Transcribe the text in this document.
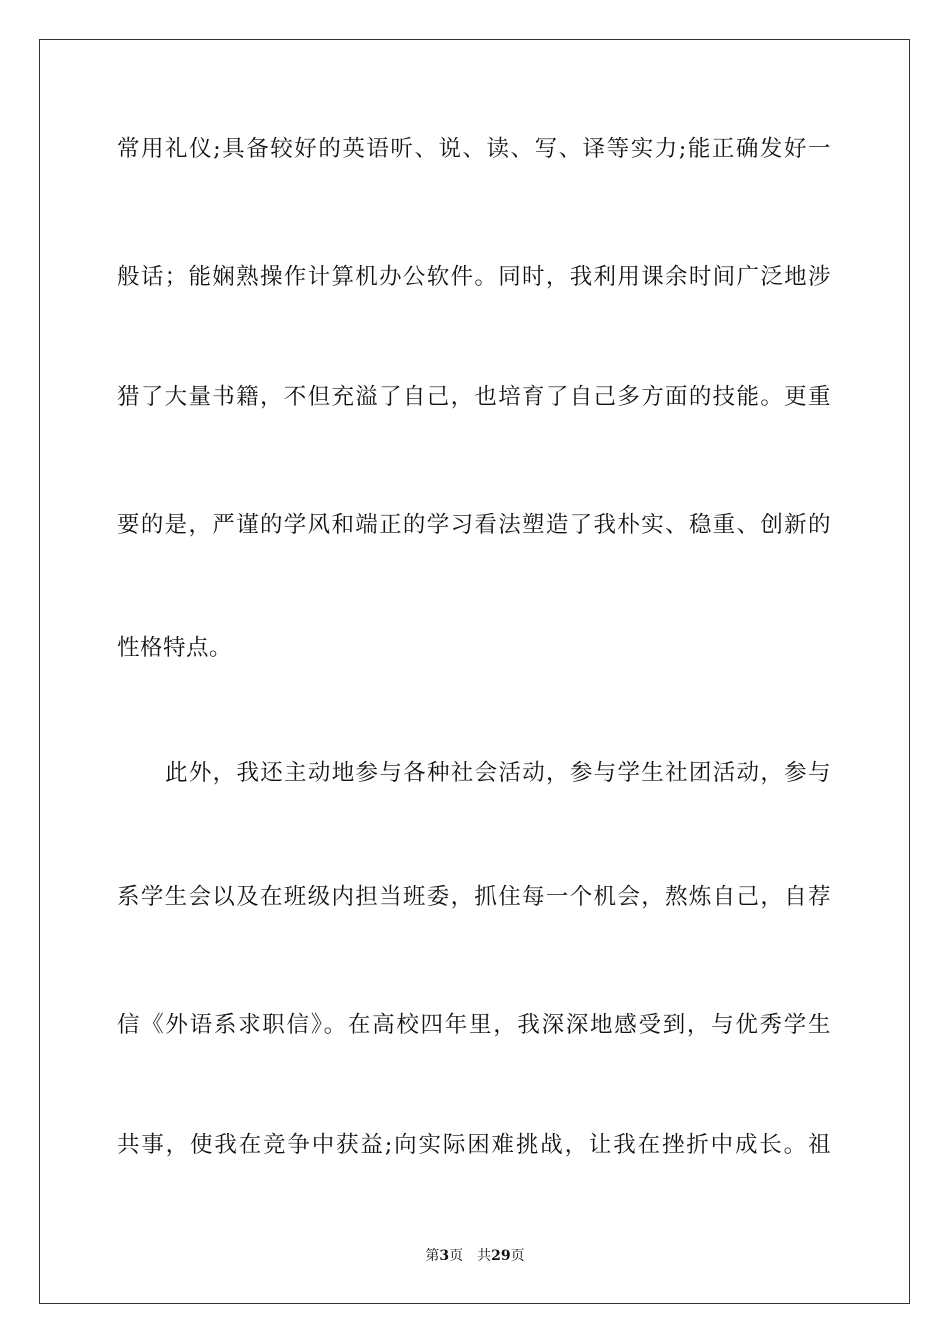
常用礼仪;具备较好的英语听、说、读、写、译等实力;能正确发好一
般话；能娴熟操作计算机办公软件。同时，我利用课余时间广泛地涉
猎了大量书籍，不但充溢了自己，也培育了自己多方面的技能。更重
要的是，严谨的学风和端正的学习看法塑造了我朴实、稳重、创新的
性格特点。
此外，我还主动地参与各种社会活动，参与学生社团活动，参与
系学生会以及在班级内担当班委，抓住每一个机会，熬炼自己，自荐
信《外语系求职信》。在高校四年里，我深深地感受到，与优秀学生
共事，使我在竞争中获益;向实际困难挑战，让我在挫折中成长。祖
第3页 共29页
